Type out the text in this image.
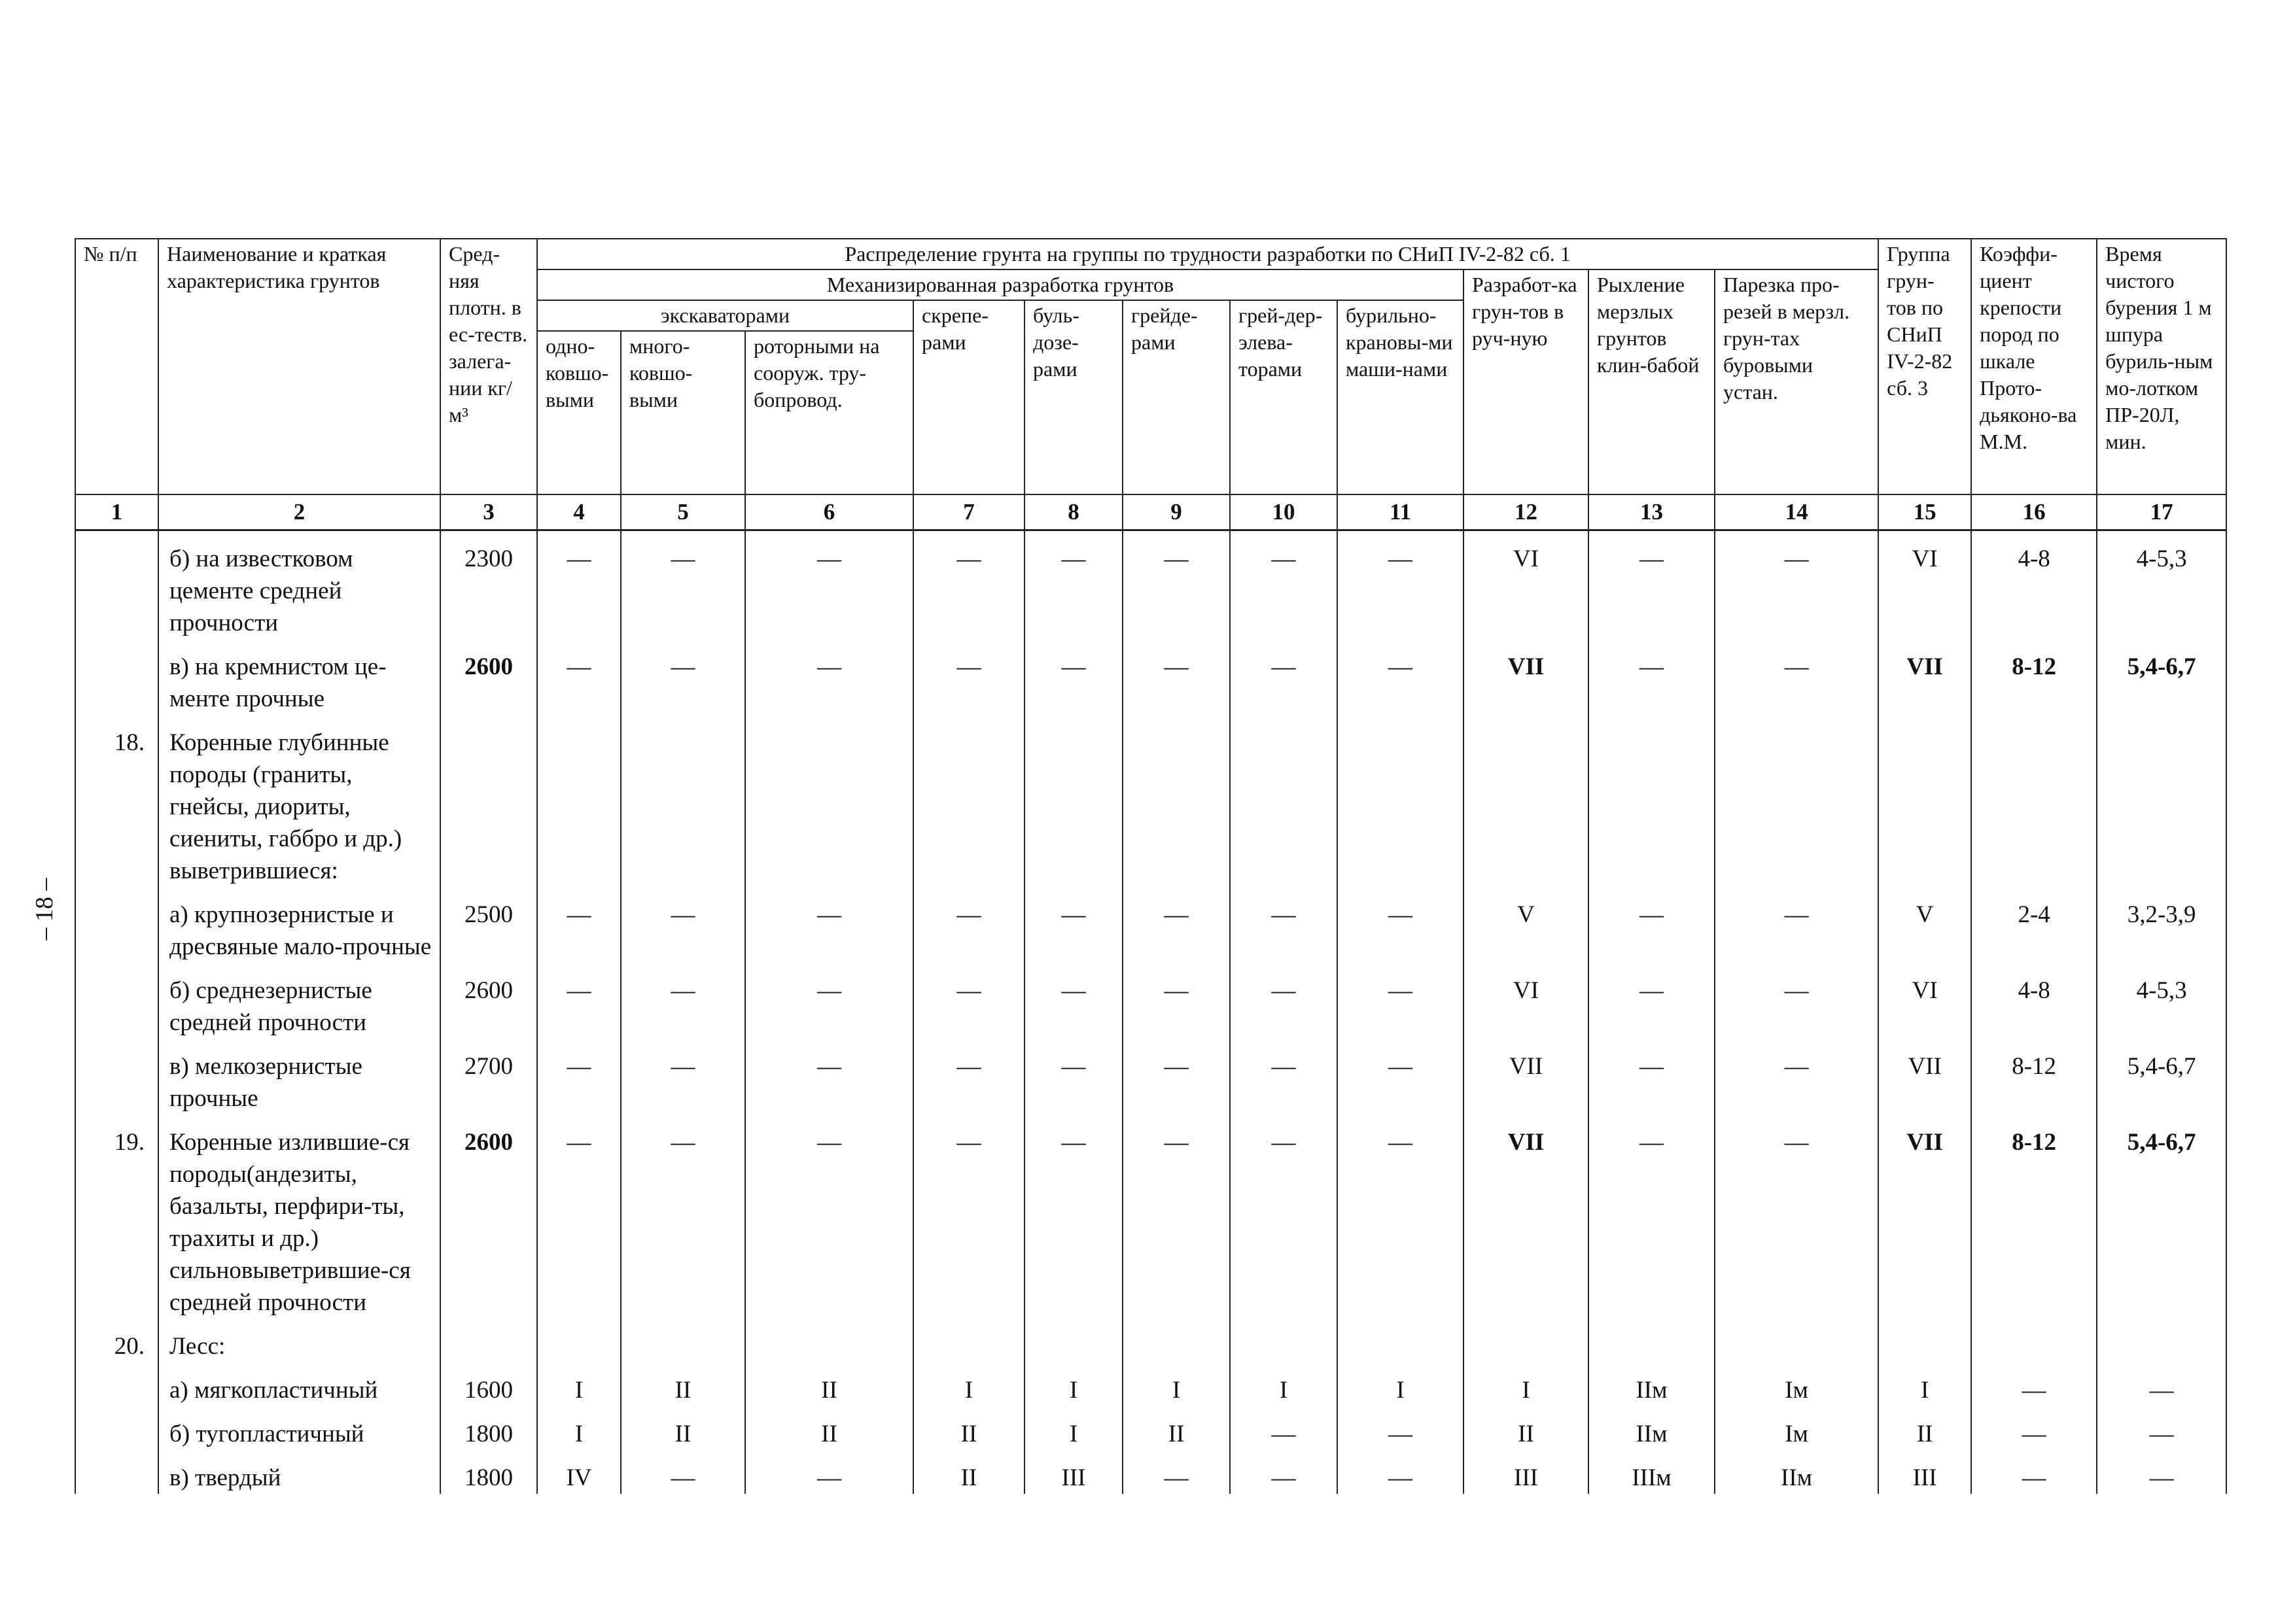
– 18 –
№ п/п	Наименование и краткая характеристика грунтов	Сред-няя плотн. в ес-теств. залега-нии кг/м³	Распределение грунта на группы по трудности разработки по СНиП IV-2-82 сб. 1											Группа грун-тов по СНиП IV-2-82 сб. 3	Коэффи-циент крепости пород по шкале Прото-дьяконо-ва М.М.	Время чистого бурения 1 м шпура буриль-ным мо-лотком ПР-20Л, мин.
			Механизированная разработка грунтов								Разработ-ка грун-тов в руч-ную	Рыхление мерзлых грунтов клин-бабой	Парезка про-резей в мерзл. грун-тах буровыми устан.			
			экскаваторами			скрепе-рами	буль-дозе-рами	грейде-рами	грей-дер-элева-торами	бурильно-крановы-ми маши-нами						
			одно-ковшо-выми	много-ковшо-выми	роторными на сооруж. тру-бопровод.											
1	2	3	4	5	6	7	8	9	10	11	12	13	14	15	16	17
	б) на известковом цементе средней прочности	2300	—	—	—	—	—	—	—	—	VI	—	—	VI	4-8	4-5,3
	в) на кремнистом це-менте прочные	2600	—	—	—	—	—	—	—	—	VII	—	—	VII	8-12	5,4-6,7
18.	Коренные глубинные породы (граниты, гнейсы, диориты, сиениты, габбро и др.) выветрившиеся:															
	а) крупнозернистые и дресвяные мало-прочные	2500	—	—	—	—	—	—	—	—	V	—	—	V	2-4	3,2-3,9
	б) среднезернистые средней прочности	2600	—	—	—	—	—	—	—	—	VI	—	—	VI	4-8	4-5,3
	в) мелкозернистые прочные	2700	—	—	—	—	—	—	—	—	VII	—	—	VII	8-12	5,4-6,7
19.	Коренные излившие-ся породы(андезиты, базальты, перфири-ты, трахиты и др.) сильновыветрившие-ся средней прочности	2600	—	—	—	—	—	—	—	—	VII	—	—	VII	8-12	5,4-6,7
20.	Лесс:															
	а) мягкопластичный	1600	I	II	II	I	I	I	I	I	I	IIм	Iм	I	—	—
	б) тугопластичный	1800	I	II	II	II	I	II	—	—	II	IIм	Iм	II	—	—
	в) твердый	1800	IV	—	—	II	III	—	—	—	III	IIIм	IIм	III	—	—
